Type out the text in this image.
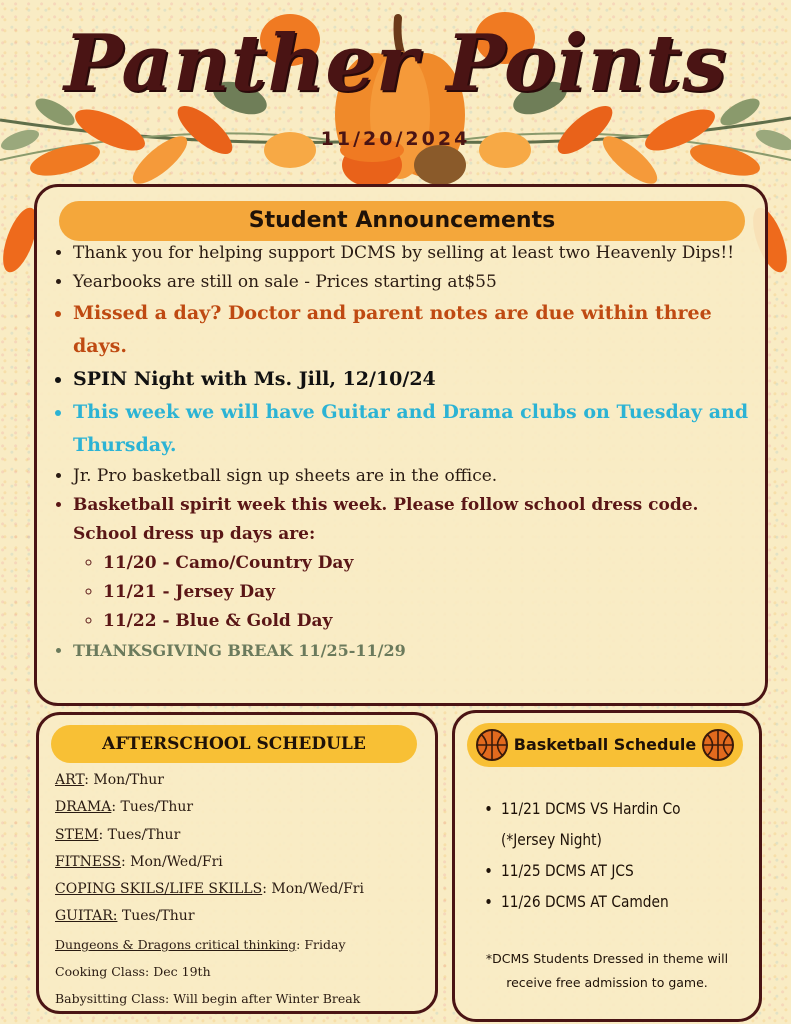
Panther Points
11/20/2024
Student Announcements
• Thank you for helping support DCMS by selling at least two Heavenly Dips!!
• Yearbooks are still on sale - Prices starting at$55
• Missed a day? Doctor and parent notes are due within three days.
• SPIN Night with Ms. Jill, 12/10/24
• This week we will have Guitar and Drama clubs on Tuesday and Thursday.
• Jr. Pro basketball sign up sheets are in the office.
• Basketball spirit week this week. Please follow school dress code. School dress up days are:
◦ 11/20 - Camo/Country Day
◦ 11/21 - Jersey Day
◦ 11/22 - Blue & Gold Day
• THANKSGIVING BREAK 11/25-11/29
AFTERSCHOOL SCHEDULE
ART: Mon/Thur
DRAMA: Tues/Thur
STEM: Tues/Thur
FITNESS: Mon/Wed/Fri
COPING SKILS/LIFE SKILLS: Mon/Wed/Fri
GUITAR: Tues/Thur
Dungeons & Dragons critical thinking: Friday
Cooking Class: Dec 19th
Babysitting Class: Will begin after Winter Break
Basketball Schedule
• 11/21 DCMS VS Hardin Co (*Jersey Night)
• 11/25 DCMS AT JCS
• 11/26 DCMS AT Camden
*DCMS Students Dressed in theme will receive free admission to game.
